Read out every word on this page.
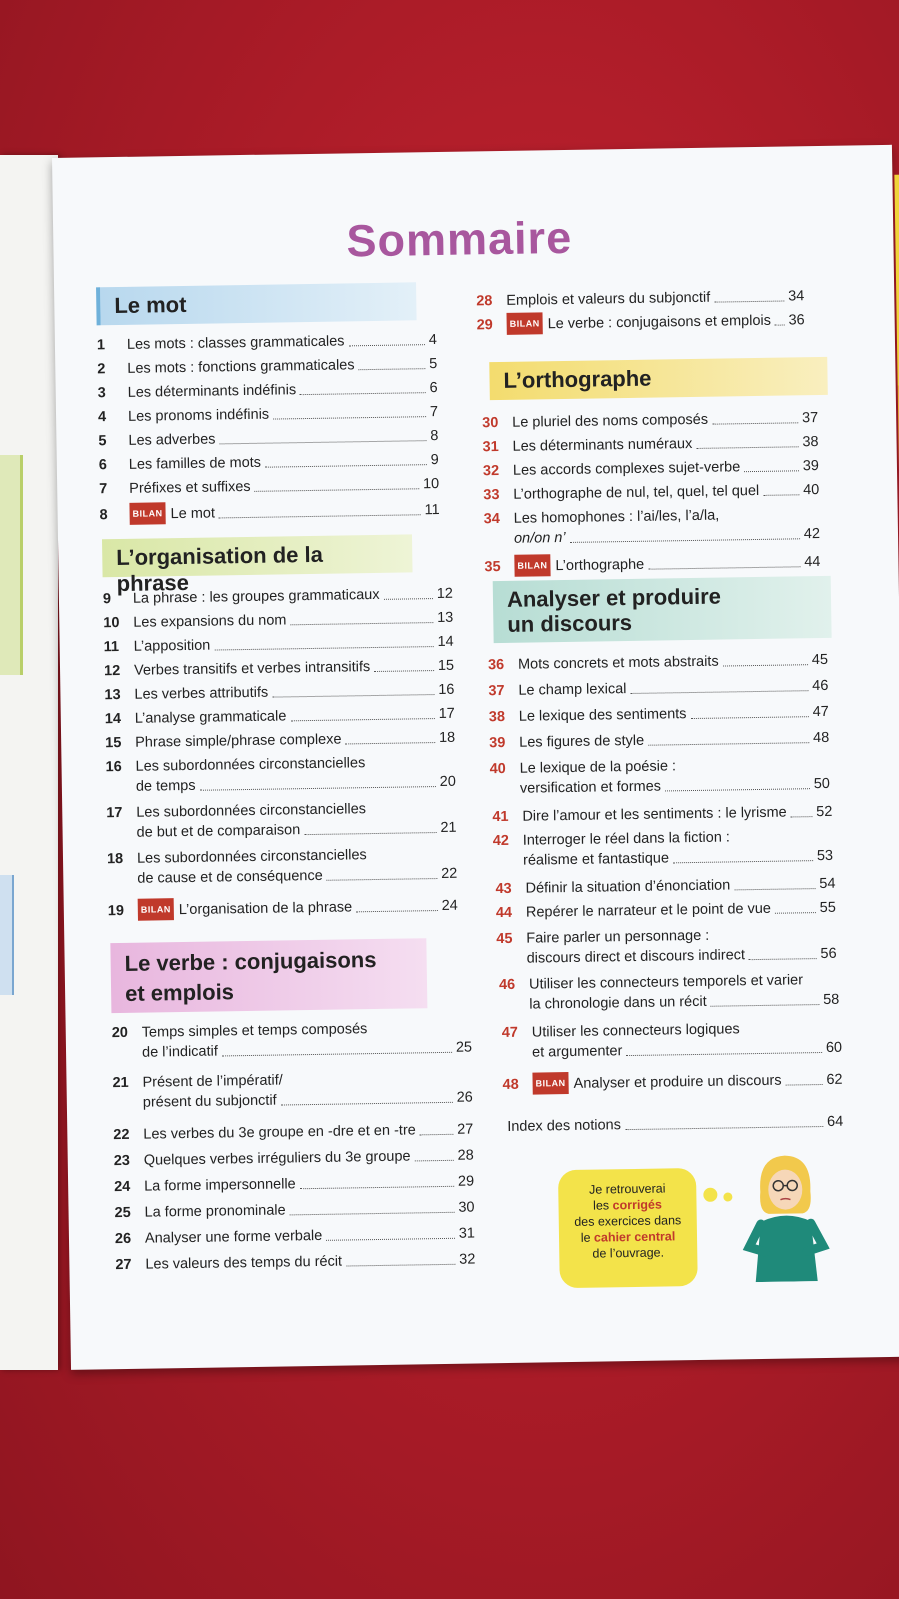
Sommaire
Le mot
1	Les mots : classes grammaticales	4
2	Les mots : fonctions grammaticales	5
3	Les déterminants indéfinis	6
4	Les pronoms indéfinis	7
5	Les adverbes	8
6	Les familles de mots	9
7	Préfixes et suffixes	10
8	BILAN Le mot	11
L’organisation de la phrase
9	La phrase : les groupes grammaticaux	12
10 Les expansions du nom	13
11 L’apposition	14
12 Verbes transitifs et verbes intransitifs	15
13 Les verbes attributifs	16
14 L’analyse grammaticale	17
15 Phrase simple/phrase complexe	18
16 Les subordonnées circonstancielles
de temps	20
17 Les subordonnées circonstancielles
de but et de comparaison	21
18 Les subordonnées circonstancielles
de cause et de conséquence	22
19	BILAN L’organisation de la phrase	24
Le verbe : conjugaisons
et emplois
20 Temps simples et temps composés
de l’indicatif	25
21 Présent de l’impératif/
présent du subjonctif	26
22 Les verbes du 3e groupe en -dre et en -tre	27
23 Quelques verbes irréguliers du 3e groupe	28
24 La forme impersonnelle	29
25 La forme pronominale	30
26 Analyser une forme verbale	31
27 Les valeurs des temps du récit	32
28 Emplois et valeurs du subjonctif	34
29	BILAN Le verbe : conjugaisons et emplois 36
L’orthographe
30 Le pluriel des noms composés	37
31 Les déterminants numéraux	38
32 Les accords complexes sujet-verbe	39
33 L’orthographe de nul, tel, quel, tel quel	40
34 Les homophones : l’ai/les, l’a/la,
on/on n’	42
35	BILAN L’orthographe	44
Analyser et produire
un discours
36 Mots concrets et mots abstraits	45
37 Le champ lexical	46
38 Le lexique des sentiments	47
39 Les figures de style	48
40 Le lexique de la poésie :
versification et formes	50
41 Dire l’amour et les sentiments : le lyrisme 52
42 Interroger le réel dans la fiction :
réalisme et fantastique	53
43 Définir la situation d’énonciation	54
44 Repérer le narrateur et le point de vue	55
45 Faire parler un personnage :
discours direct et discours indirect	56
46 Utiliser les connecteurs temporels et varier
la chronologie dans un récit	58
47 Utiliser les connecteurs logiques
et argumenter	60
48	BILAN Analyser et produire un discours	62
Index des notions	64
Je retrouverai
les corrigés
des exercices dans
le cahier central
de l’ouvrage.
